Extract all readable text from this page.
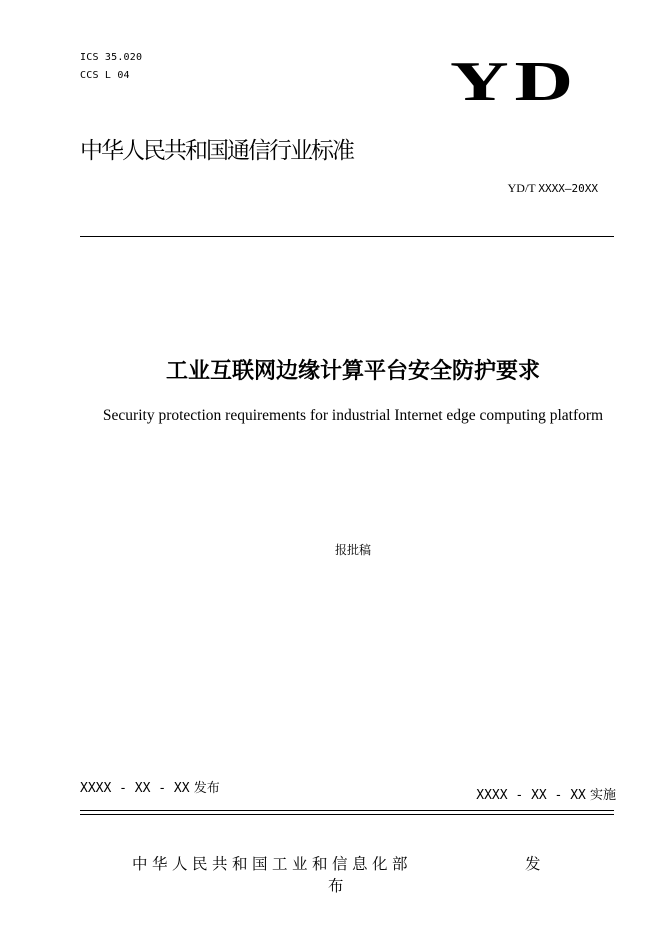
ICS 35.020
CCS L 04	YD
中华人民共和国通信行业标准
YD/T XXXX—20XX
工业互联网边缘计算平台安全防护要求
Security protection requirements for industrial Internet edge computing platform
报批稿
XXXX - XX - XX 发布	XXXX - XX - XX 实施
中华人民共和国工业和信息化部	发
布
